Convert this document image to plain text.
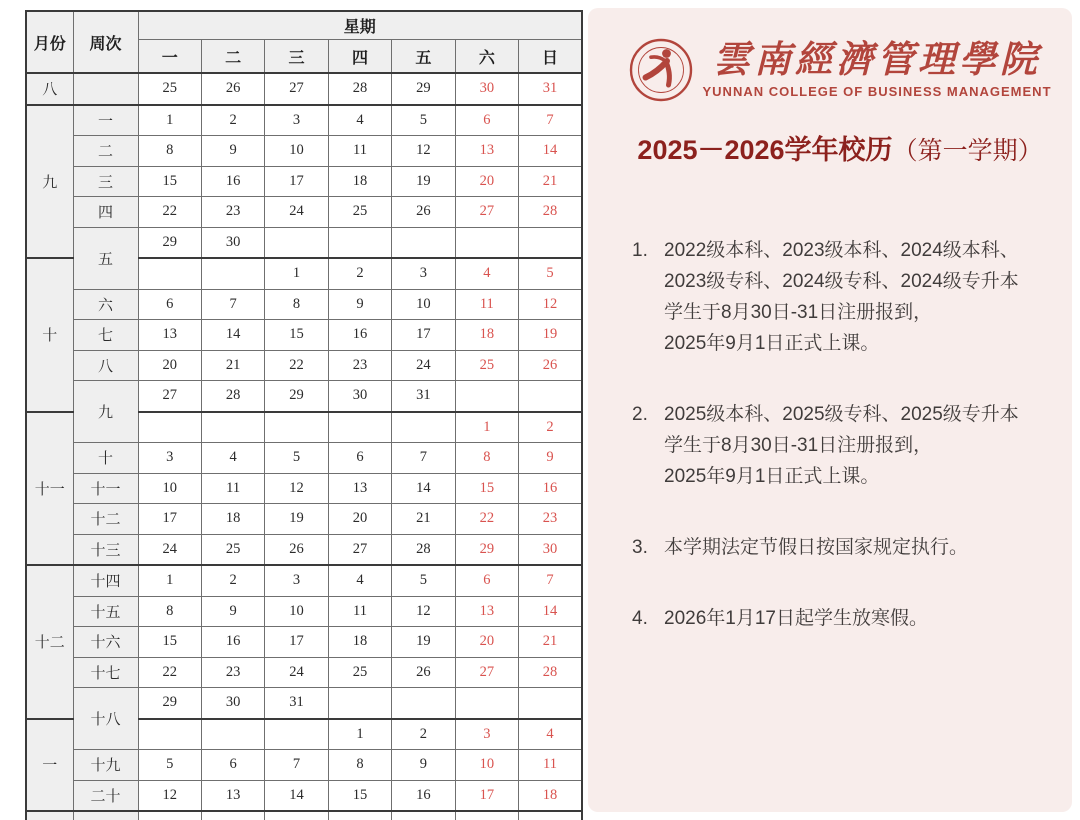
月份	周次	星期						
		一	二	三	四	五	六	日
八		25	26	27	28	29	30	31
九	一	1	2	3	4	5	6	7
	二	8	9	10	11	12	13	14
	三	15	16	17	18	19	20	21
	四	22	23	24	25	26	27	28
	五	29	30					
十				1	2	3	4	5
	六	6	7	8	9	10	11	12
	七	13	14	15	16	17	18	19
	八	20	21	22	23	24	25	26
	九	27	28	29	30	31		
十一							1	2
	十	3	4	5	6	7	8	9
	十一	10	11	12	13	14	15	16
	十二	17	18	19	20	21	22	23
	十三	24	25	26	27	28	29	30
十二	十四	1	2	3	4	5	6	7
	十五	8	9	10	11	12	13	14
	十六	15	16	17	18	19	20	21
	十七	22	23	24	25	26	27	28
	十八	29	30	31				
一					1	2	3	4
	十九	5	6	7	8	9	10	11
	二十	12	13	14	15	16	17	18

雲南經濟管理學院
YUNNAN COLLEGE OF BUSINESS MANAGEMENT
2025－2026学年校历（第一学期）
1. 2022级本科、2023级本科、2024级本科、
2023级专科、2024级专科、2024级专升本
学生于8月30日-31日注册报到，
2025年9月1日正式上课。
2. 2025级本科、2025级专科、2025级专升本
学生于8月30日-31日注册报到，
2025年9月1日正式上课。
3. 本学期法定节假日按国家规定执行。
4. 2026年1月17日起学生放寒假。
